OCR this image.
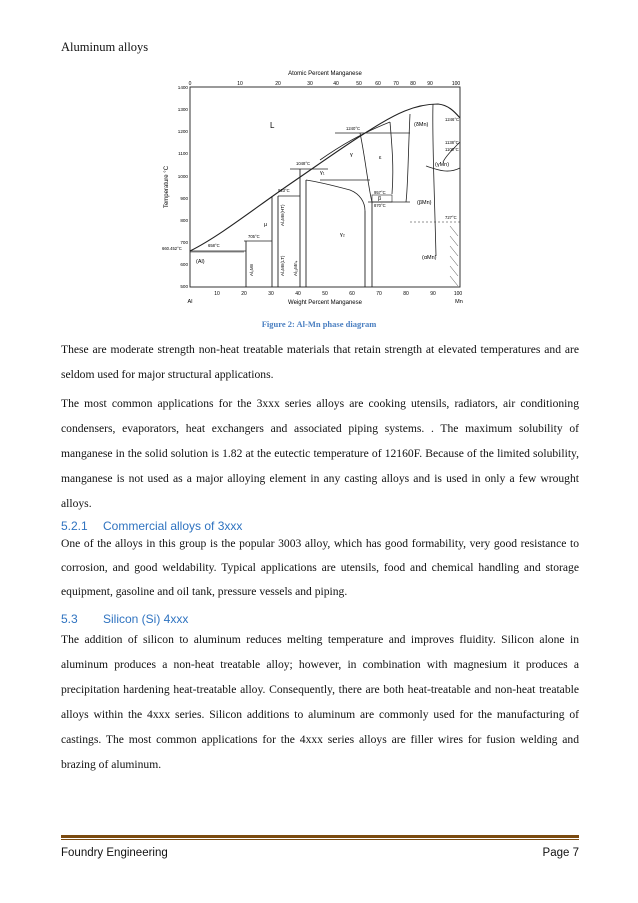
Aluminum alloys
Atomic Percent Manganese
0	10	20	30	40	50	60 70 80 90	100
1400
1300
1200
1100
1000
900
800
700
600
500
Temperature °C
10	20	30	40	50	60	70	80	90	100
Al	Mn
Weight Percent Manganese
L
γ	ε
(δMn)
(γMn)
(βMn)
(αMn)
(Al)
γ₁
γ₂
β
μ
Al₆Mn
Al₄Mn(HT)
Al₄Mn(LT) Al₁₁Mn₄
660.452°C
658°C
705°C
923°C
1048°C
1240°C
1246°C
1138°C
1100°C
727°C
957°C
870°C
Figure 2: Al-Mn phase diagram
These are moderate strength non-heat treatable materials that retain strength at elevated temperatures and are seldom used for major structural applications.
The most common applications for the 3xxx series alloys are cooking utensils, radiators, air conditioning condensers, evaporators, heat exchangers and associated piping systems. . The maximum solubility of manganese in the solid solution is 1.82 at the eutectic temperature of 12160F. Because of the limited solubility, manganese is not used as a major alloying element in any casting alloys and is used in only a few wrought alloys.
5.2.1 Commercial alloys of 3xxx
One of the alloys in this group is the popular 3003 alloy, which has good formability, very good resistance to corrosion, and good weldability. Typical applications are utensils, food and chemical handling and storage equipment, gasoline and oil tank, pressure vessels and piping.
5.3 Silicon (Si) 4xxx
The addition of silicon to aluminum reduces melting temperature and improves fluidity. Silicon alone in aluminum produces a non-heat treatable alloy; however, in combination with magnesium it produces a precipitation hardening heat-treatable alloy. Consequently, there are both heat-treatable and non-heat treatable alloys within the 4xxx series. Silicon additions to aluminum are commonly used for the manufacturing of castings. The most common applications for the 4xxx series alloys are filler wires for fusion welding and brazing of aluminum.
Foundry Engineering	Page 7
